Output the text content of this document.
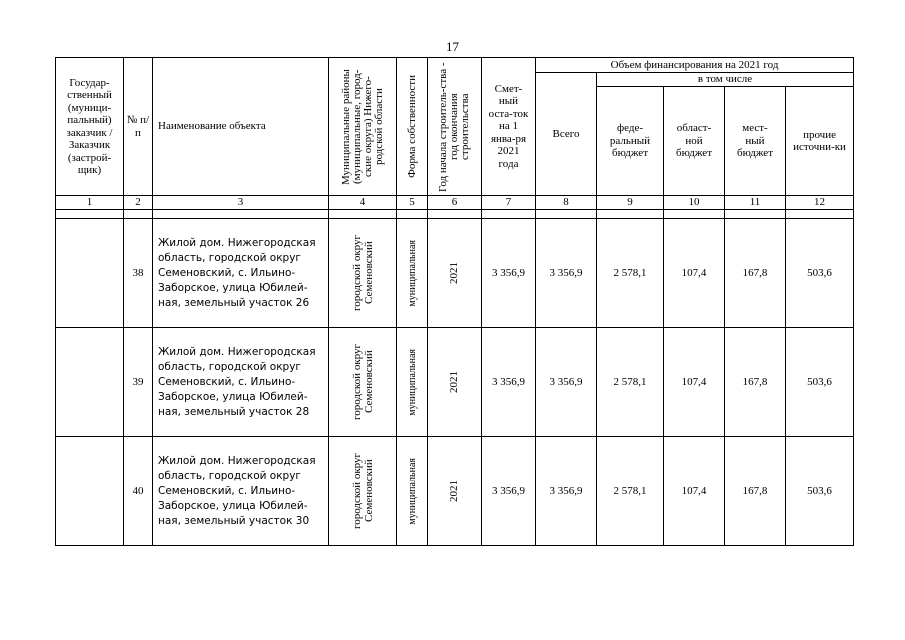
17
Государ-ственный (муници-пальный) заказчик / Заказчик (застрой-щик)	№ п/п	Наименование объекта	Муниципальные районы (муниципальные, город-ские округа) Нижего-родской области	Форма собственности	Год начала строитель-ства - год окончания строительства	Смет-ный оста-ток на 1 янва-ря 2021 года	Объем финансирования на 2021 год				
							Всего	в том числе			
								феде-ральный бюджет	област-ной бюджет	мест-ный бюджет	прочие источни-ки
1	2	3	4	5	6	7	8	9	10	11	12

	38	Жилой дом. Нижегородская область, городской округ Семеновский, с. Ильино-Заборское, улица Юбилей-ная, земельный участок 26	городской округ Семеновский	муниципальная	2021	3 356,9	3 356,9	2 578,1	107,4	167,8	503,6
	39	Жилой дом. Нижегородская область, городской округ Семеновский, с. Ильино-Заборское, улица Юбилей-ная, земельный участок 28	городской округ Семеновский	муниципальная	2021	3 356,9	3 356,9	2 578,1	107,4	167,8	503,6
	40	Жилой дом. Нижегородская область, городской округ Семеновский, с. Ильино-Заборское, улица Юбилей-ная, земельный участок 30	городской округ Семеновский	муниципальная	2021	3 356,9	3 356,9	2 578,1	107,4	167,8	503,6
